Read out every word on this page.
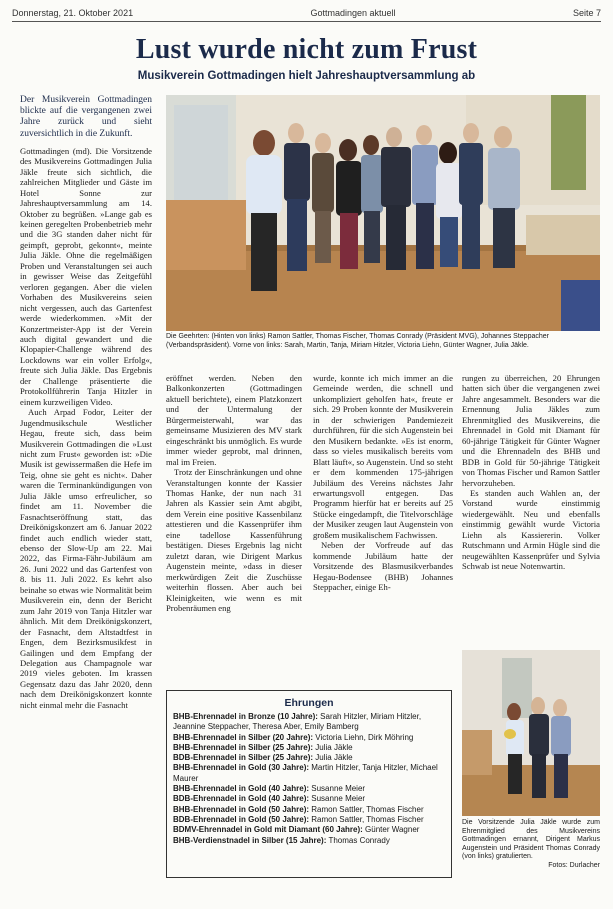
Donnerstag, 21. Oktober 2021	Gottmadingen aktuell	Seite 7
Lust wurde nicht zum Frust
Musikverein Gottmadingen hielt Jahreshauptversammlung ab

Der Musikverein Gottmadingen blickte auf die vergangenen zwei Jahre zurück und sieht zuversichtlich in die Zukunft.

Gottmadingen (md). Die Vorsitzende des Musikvereins Gottmadingen Julia Jäkle freute sich sichtlich, die zahlreichen Mitglieder und Gäste im Hotel Sonne zur Jahreshauptversammlung am 14. Oktober zu begrüßen. »Lange gab es keinen geregelten Probenbetrieb mehr und die 3G standen daher nicht für geimpft, geprobt, gekonnt«, meinte Julia Jäkle. Ohne die regelmäßigen Proben und Veranstaltungen sei auch in gewisser Weise das Zeitgefühl verloren gegangen. Aber die vielen Vorhaben des Musikvereins seien nicht vergessen, auch das Gartenfest werde wiederkommen. »Mit der Konzertmeister-App ist der Verein auch digital gewandert und die Klopapier-Challenge während des Lockdowns war ein voller Erfolg«, freute sich Julia Jäkle. Das Ergebnis der Challenge präsentierte die Protokollführerin Tanja Hitzler in einem kurzweiligen Video.

Auch Arpad Fodor, Leiter der Jugendmusikschule Westlicher Hegau, freute sich, dass beim Musikverein Gottmadingen die »Lust nicht zum Frust« geworden ist: »Die Musik ist gewissermaßen die Hefe im Teig, ohne sie geht es nicht«. Daher waren die Terminankündigungen von Julia Jäkle umso erfreulicher, so findet am 11. November die Fasnachtseröffnung statt, das Dreikönigskonzert am 6. Januar 2022 findet auch endlich wieder statt, ebenso der Slow-Up am 22. Mai 2022, das Firma-Fähr-Jubiläum am 26. Juni 2022 und das Gartenfest von 8. bis 11. Juli 2022. Es kehrt also beinahe so etwas wie Normalität beim Musikverein ein, denn der Bericht zum Jahr 2019 von Tanja Hitzler war ähnlich. Mit dem Dreikönigskonzert, der Fasnacht, dem Altstadtfest in Engen, dem Bezirksmusikfest in Gailingen und dem Empfang der Delegation aus Champagnole war 2019 vieles geboten. Im krassen Gegensatz dazu das Jahr 2020, denn nach dem Dreikönigskonzert konnte nicht einmal mehr die Fasnacht

Die Geehrten: (Hinten von links) Ramon Sattler, Thomas Fischer, Thomas Conrady (Präsident MVG), Johannes Steppacher (Verbandspräsident). Vorne von links: Sarah, Martin, Tanja, Miriam Hitzler, Victoria Liehn, Günter Wagner, Julia Jäkle.

eröffnet werden. Neben den Balkonkonzerten (Gottmadingen aktuell berichtete), einem Platzkonzert und der Untermalung der Bürgermeisterwahl, war das gemeinsame Musizieren des MV stark eingeschränkt bis unmöglich. Es wurde immer wieder geprobt, mal drinnen, mal im Freien.

Trotz der Einschränkungen und ohne Veranstaltungen konnte der Kassier Thomas Hanke, der nun nach 31 Jahren als Kassier sein Amt abgibt, dem Verein eine positive Kassenbilanz attestieren und die Kassenprüfer ihm eine tadellose Kassenführung bestätigen. Dieses Ergebnis lag nicht zuletzt daran, wie Dirigent Markus Augenstein meinte, »dass in dieser merkwürdigen Zeit die Zuschüsse weiterhin flossen. Aber auch bei Kleinigkeiten, wie wenn es mit Probenräumen eng

wurde, konnte ich mich immer an die Gemeinde werden, die schnell und unkompliziert geholfen hat«, freute er sich. 29 Proben konnte der Musikverein in der schwierigen Pandemiezeit durchführen, für die sich Augenstein bei den Musikern bedankte. »Es ist enorm, dass so vieles musikalisch bereits vom Blatt läuft«, so Augenstein. Und so steht er dem kommenden 175-jährigen Jubiläum des Vereins nächstes Jahr erwartungsvoll entgegen. Das Programm hierfür hat er bereits auf 25 Stücke eingedampft, die Titelvorschläge der Musiker zeugen laut Augenstein von großem musikalischem Fachwissen.

Neben der Vorfreude auf das kommende Jubiläum hatte der Vorsitzende des Blasmusikverbandes Hegau-Bodensee (BHB) Johannes Steppacher, einige Eh-

rungen zu überreichen, 20 Ehrungen hatten sich über die vergangenen zwei Jahre angesammelt. Besonders war die Ernennung Julia Jäkles zum Ehrenmitglied des Musikvereins, die Ehrennadel in Gold mit Diamant für 60-jährige Tätigkeit für Günter Wagner und die Ehrennadeln des BHB und BDB in Gold für 50-jährige Tätigkeit von Thomas Fischer und Ramon Sattler hervorzuheben.

Es standen auch Wahlen an, der Vorstand wurde einstimmig wiedergewählt. Neu und ebenfalls einstimmig gewählt wurde Victoria Liehn als Kassiererin. Volker Rutschmann und Armin Hügle sind die neugewählten Kassenprüfer und Sylvia Schwab ist neue Notenwartin.

Die Vorsitzende Julia Jäkle wurde zum Ehrenmitglied des Musikvereins Gottmadingen ernannt, Dirigent Markus Augenstein und Präsident Thomas Conrady (von links) gratulierten.
Fotos: Durlacher
Ehrungen
BHB-Ehrennadel in Bronze (10 Jahre): Sarah Hitzler, Miriam Hitzler, Jeannine Steppacher, Theresa Aber, Emily Bamberg
BHB-Ehrennadel in Silber (20 Jahre): Victoria Liehn, Dirk Möhring
BHB-Ehrennadel in Silber (25 Jahre): Julia Jäkle
BDB-Ehrennadel in Silber (25 Jahre): Julia Jäkle
BHB-Ehrennadel in Gold (30 Jahre): Martin Hitzler, Tanja Hitzler, Michael Maurer
BHB-Ehrennadel in Gold (40 Jahre): Susanne Meier
BDB-Ehrennadel in Gold (40 Jahre): Susanne Meier
BHB-Ehrennadel in Gold (50 Jahre): Ramon Sattler, Thomas Fischer
BDB-Ehrennadel in Gold (50 Jahre): Ramon Sattler, Thomas Fischer
BDMV-Ehrennadel in Gold mit Diamant (60 Jahre): Günter Wagner
BHB-Verdienstnadel in Silber (15 Jahre): Thomas Conrady
